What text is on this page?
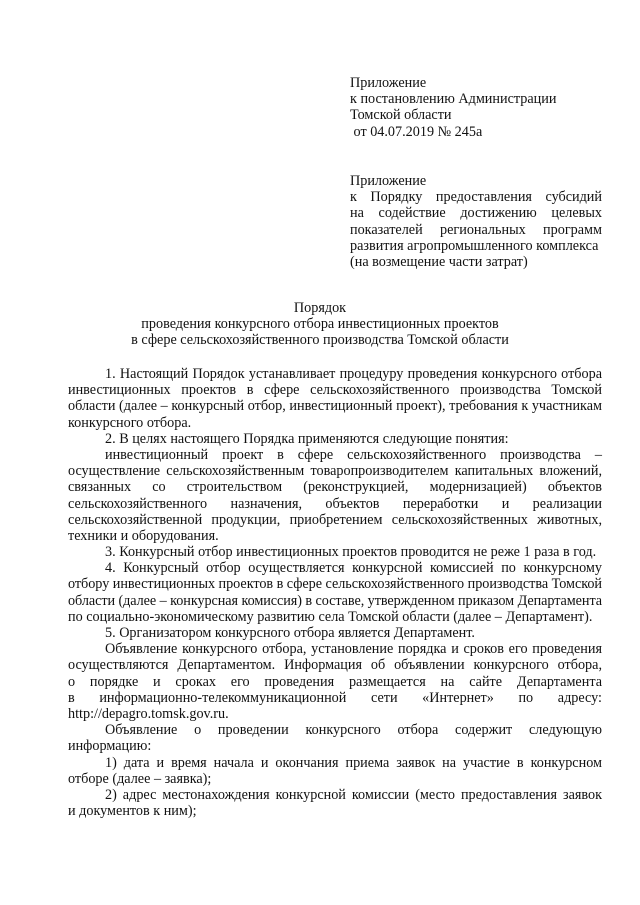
Приложение
к постановлению Администрации
Томской области
от 04.07.2019 № 245а
Приложение
к Порядку предоставления субсидий
на содействие достижению целевых
показателей региональных программ
развития агропромышленного комплекса
(на возмещение части затрат)
Порядок
проведения конкурсного отбора инвестиционных проектов
в сфере сельскохозяйственного производства Томской области
1. Настоящий Порядок устанавливает процедуру проведения конкурсного отбора
инвестиционных проектов в сфере сельскохозяйственного производства Томской
области (далее – конкурсный отбор, инвестиционный проект), требования к участникам
конкурсного отбора.
2. В целях настоящего Порядка применяются следующие понятия:
инвестиционный проект в сфере сельскохозяйственного производства –
осуществление сельскохозяйственным товаропроизводителем капитальных вложений,
связанных со строительством (реконструкцией, модернизацией) объектов
сельскохозяйственного назначения, объектов переработки и реализации
сельскохозяйственной продукции, приобретением сельскохозяйственных животных,
техники и оборудования.
3. Конкурсный отбор инвестиционных проектов проводится не реже 1 раза в год.
4. Конкурсный отбор осуществляется конкурсной комиссией по конкурсному
отбору инвестиционных проектов в сфере сельскохозяйственного производства Томской
области (далее – конкурсная комиссия) в составе, утвержденном приказом Департамента
по социально-экономическому развитию села Томской области (далее – Департамент).
5. Организатором конкурсного отбора является Департамент.
Объявление конкурсного отбора, установление порядка и сроков его проведения
осуществляются Департаментом. Информация об объявлении конкурсного отбора,
о порядке и сроках его проведения размещается на сайте Департамента
в информационно-телекоммуникационной сети «Интернет» по адресу:
http://depagro.tomsk.gov.ru.
Объявление о проведении конкурсного отбора содержит следующую
информацию:
1) дата и время начала и окончания приема заявок на участие в конкурсном
отборе (далее – заявка);
2) адрес местонахождения конкурсной комиссии (место предоставления заявок
и документов к ним);
